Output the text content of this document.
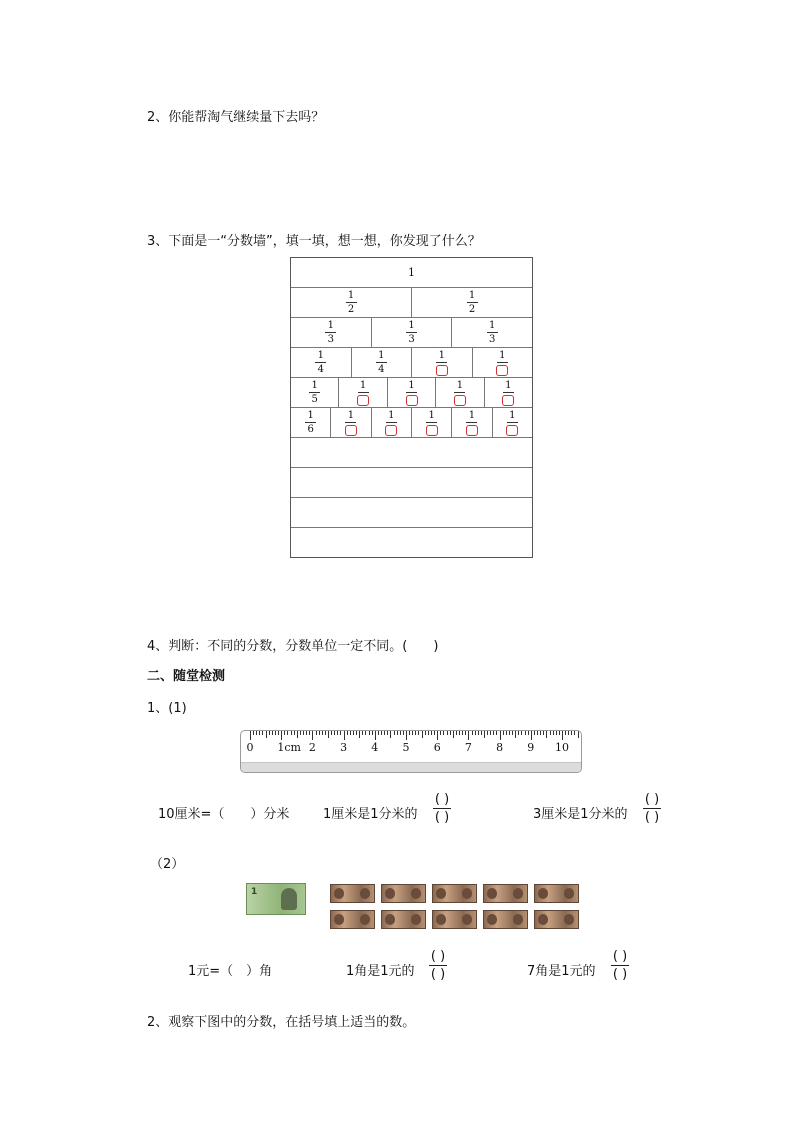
2、你能帮淘气继续量下去吗？
3、下面是一“分数墙”，填一填，想一想，你发现了什么？
1
$\frac{1}{2}$	$\frac{1}{2}$
$\frac{1}{3}$	$\frac{1}{3}$	$\frac{1}{3}$
$\frac{1}{4}$	$\frac{1}{4}$	1	1
$\frac{1}{5}$	1	1	1	1
$\frac{1}{6}$	1	1	1	1	1
4、判断：不同的分数，分数单位一定不同。(　　)
二、随堂检测
1、(1)
0 1cm 2 3 4 5 6 7 8 9 10
10厘米=（　　）分米	1厘米是1分米的
( )
( )	3厘米是1分米的
( )
( )
（2）
1
1元=（　）角	1角是1元的
( )
( )	7角是1元的
( )
( )
2、观察下图中的分数，在括号填上适当的数。
